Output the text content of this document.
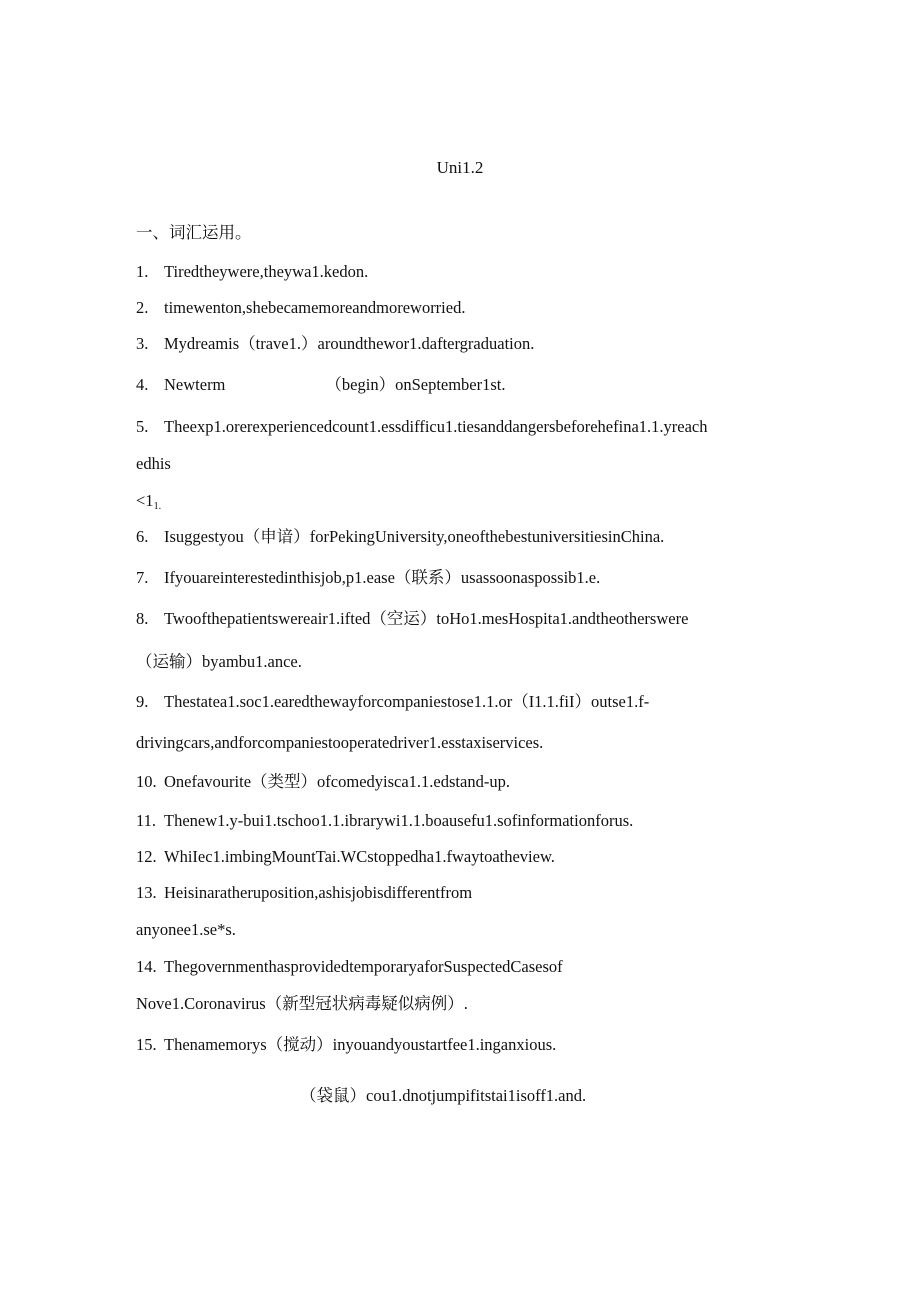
Uni1.2
一、词汇运用。
1. Tiredtheywere,theywa1.kedon.
2. timewenton,shebecamemoreandmoreworried.
3. Mydreamis（trave1.）aroundthewor1.daftergraduation.
4. Newterm	（begin）onSeptember1st.
5. Theexp1.orerexperiencedcount1.essdifficu1.tiesanddangersbeforehefina1.1.yreach
edhis
$<1_{1.}$
6. Isuggestyou（申谙）forPekingUniversity,oneofthebestuniversitiesinChina.
7. Ifyouareinterestedinthisjob,p1.ease（联系）usassoonaspossib1.e.
8. Twoofthepatientswereair1.ifted（空运）toHo1.mesHospita1.andtheotherswere
（运输）byambu1.ance.
9. Thestatea1.soc1.earedthewayforcompaniestose1.1.or（I1.1.fiI）outse1.f-
drivingcars,andforcompaniestooperatedriver1.esstaxiservices.
10. Onefavourite（类型）ofcomedyisca1.1.edstand-up.
11. Thenew1.y-bui1.tschoo1.1.ibrarywi1.1.boausefu1.sofinformationforus.
12. WhiIec1.imbingMountTai.WCstoppedha1.fwaytoatheview.
13. Heisinaratheruposition,ashisjobisdifferentfrom
anyonee1.se*s.
14. ThegovernmenthasprovidedtemporaryaforSuspectedCasesof
Nove1.Coronavirus（新型冠状病毒疑似病例）.
15. Thenamemorys（搅动）inyouandyoustartfee1.inganxious.
（袋鼠）cou1.dnotjumpifitstai1isoff1.and.
